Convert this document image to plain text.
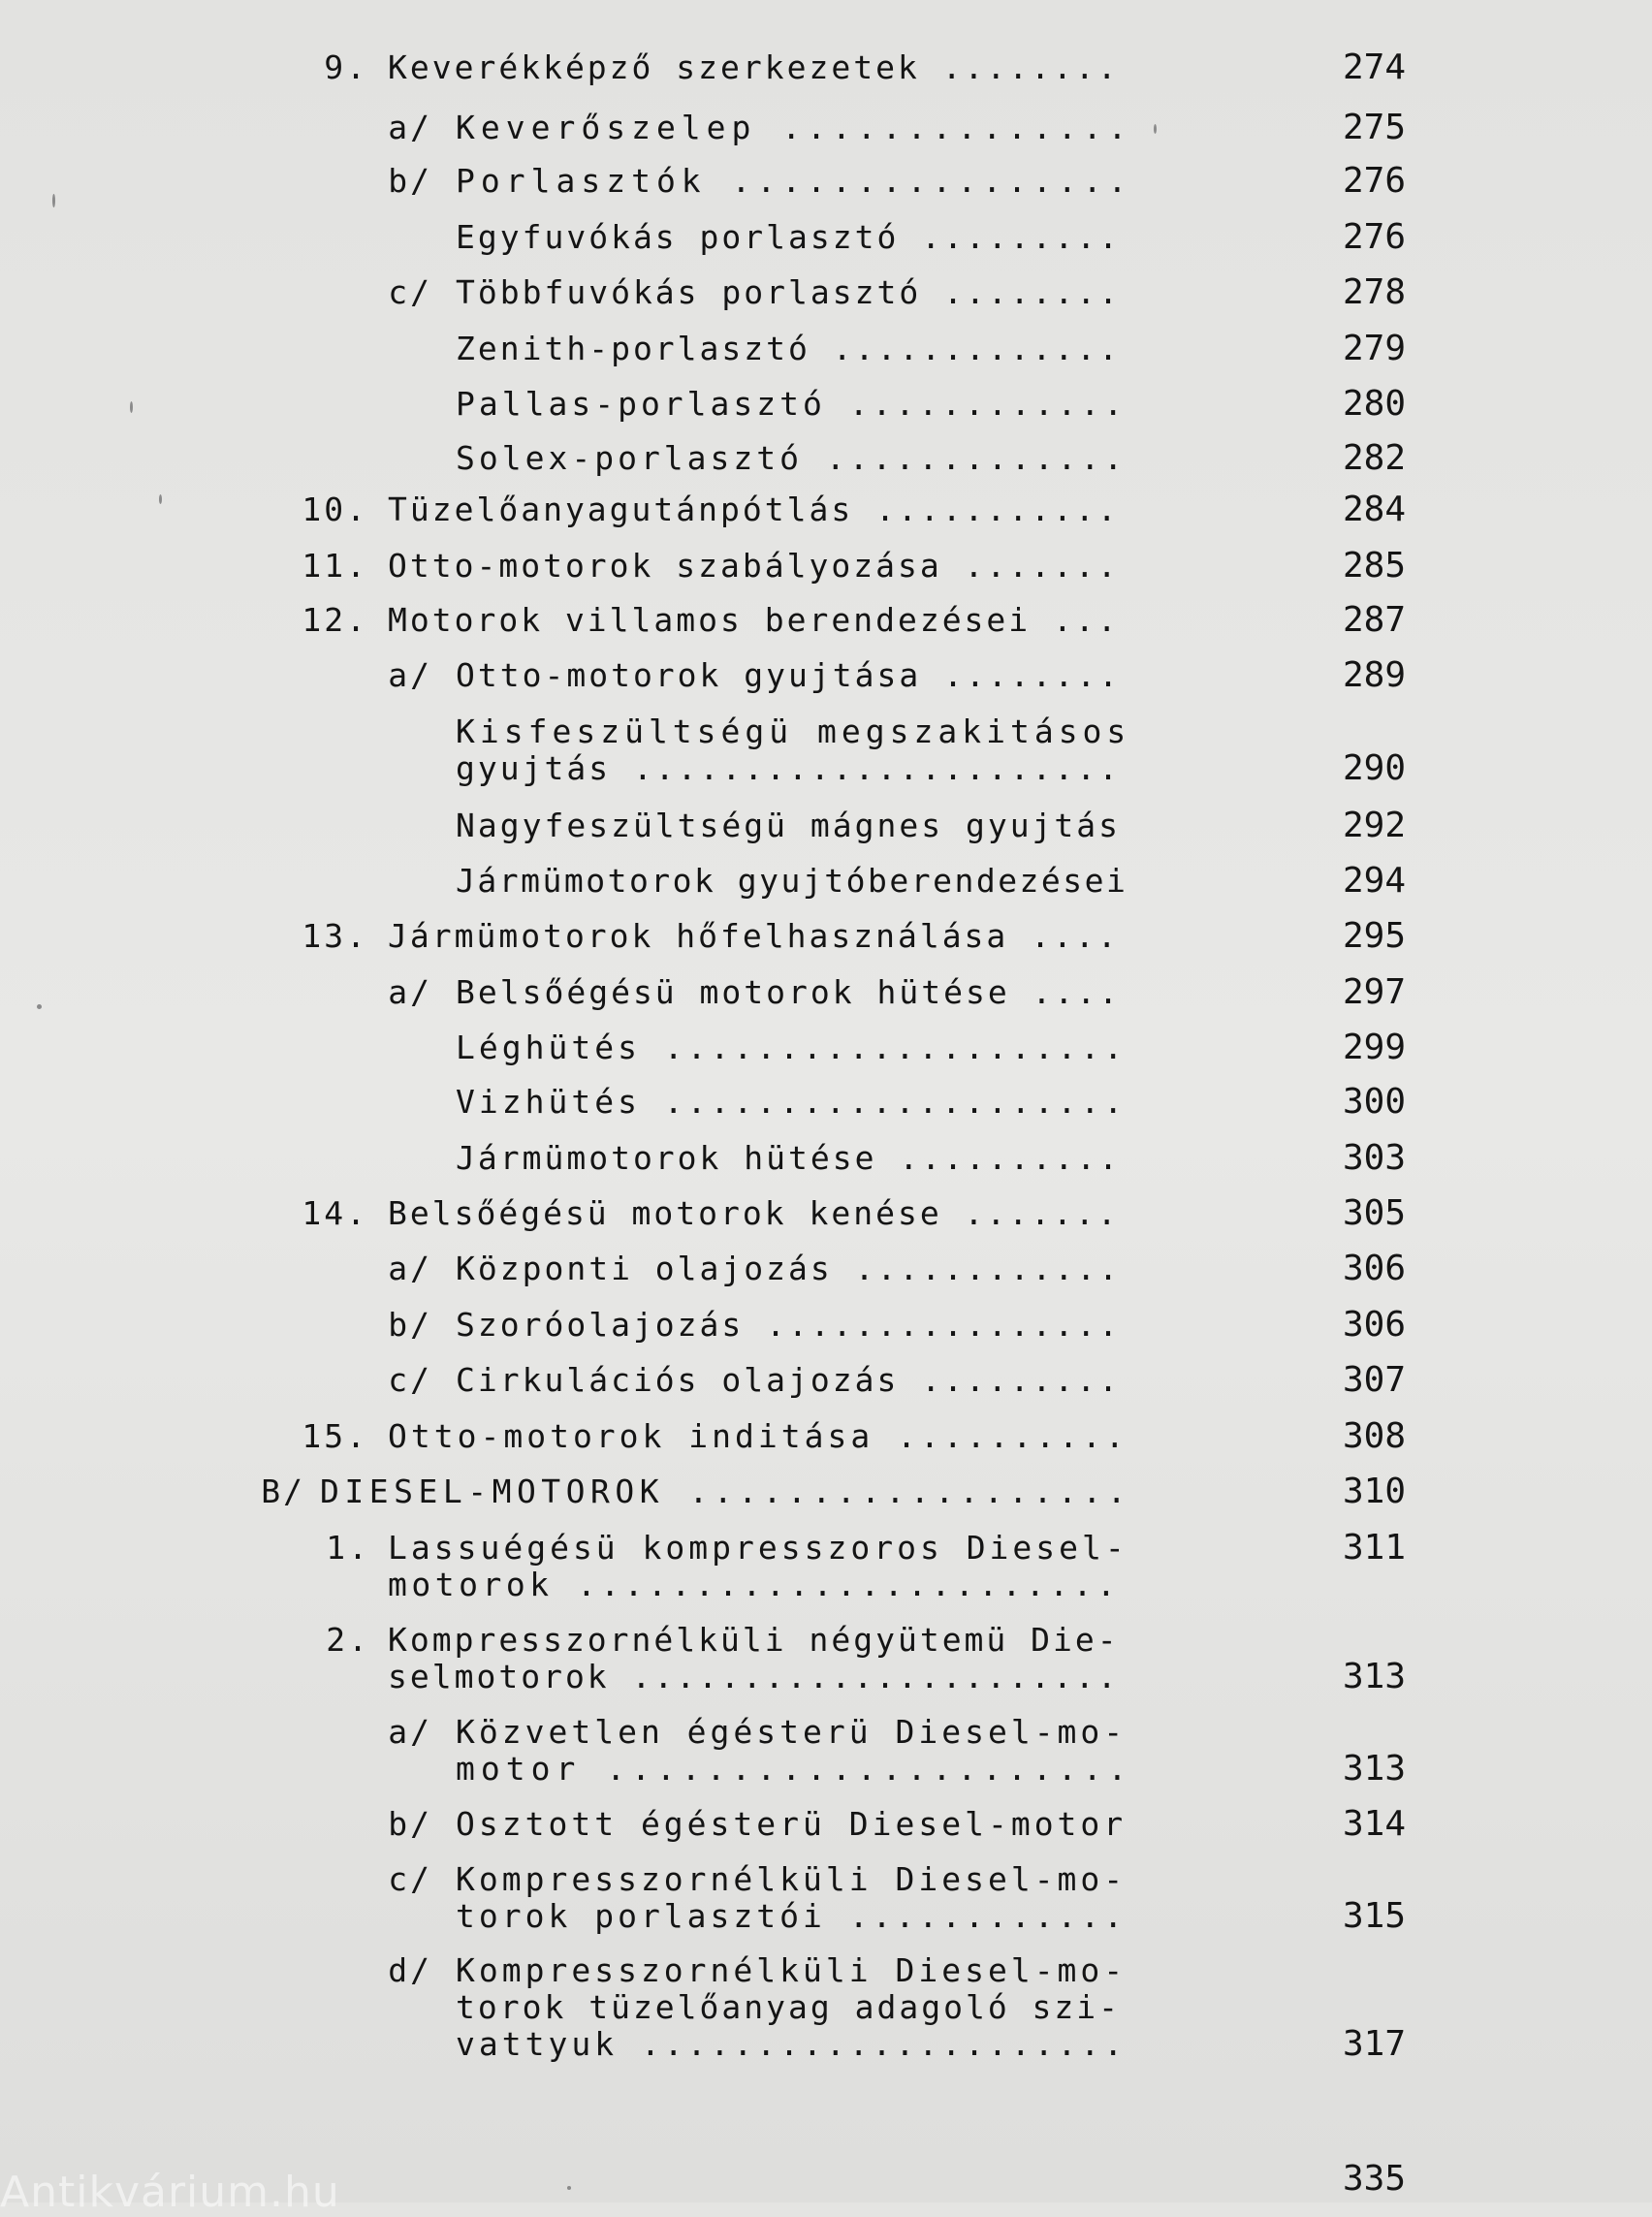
9. Keverékképző szerkezetek ........	274
a/ Keverőszelep ..............	275
b/ Porlasztók ................	276
Egyfuvókás porlasztó .........	276
c/ Többfuvókás porlasztó ........	278
Zenith-porlasztó .............	279
Pallas-porlasztó ............	280
Solex-porlasztó .............	282
10. Tüzelőanyagutánpótlás ...........	284
11. Otto-motorok szabályozása .......	285
12. Motorok villamos berendezései ...	287
a/ Otto-motorok gyujtása ........	289
Kisfeszültségü megszakitásos
gyujtás ......................	290
Nagyfeszültségü mágnes gyujtás	292
Jármümotorok gyujtóberendezései	294
13. Jármümotorok hőfelhasználása ....	295
a/ Belsőégésü motorok hütése ....	297
Léghütés ....................	299
Vizhütés ....................	300
Jármümotorok hütése ..........	303
14. Belsőégésü motorok kenése .......	305
a/ Központi olajozás ............	306
b/ Szoróolajozás ................	306
c/ Cirkulációs olajozás .........	307
15. Otto-motorok inditása ..........	308
B/ DIESEL-MOTOROK ..................	310
1. Lassuégésü kompresszoros Diesel-	311
motorok .......................
2. Kompresszornélküli négyütemü Die-
selmotorok ......................	313
a/ Közvetlen égésterü Diesel-mo-
motor .....................	313
b/ Osztott égésterü Diesel-motor	314
c/ Kompresszornélküli Diesel-mo-
torok porlasztói ............	315
d/ Kompresszornélküli Diesel-mo-
torok tüzelőanyag adagoló szi-
vattyuk .....................	317
335
Antikvárium.hu
